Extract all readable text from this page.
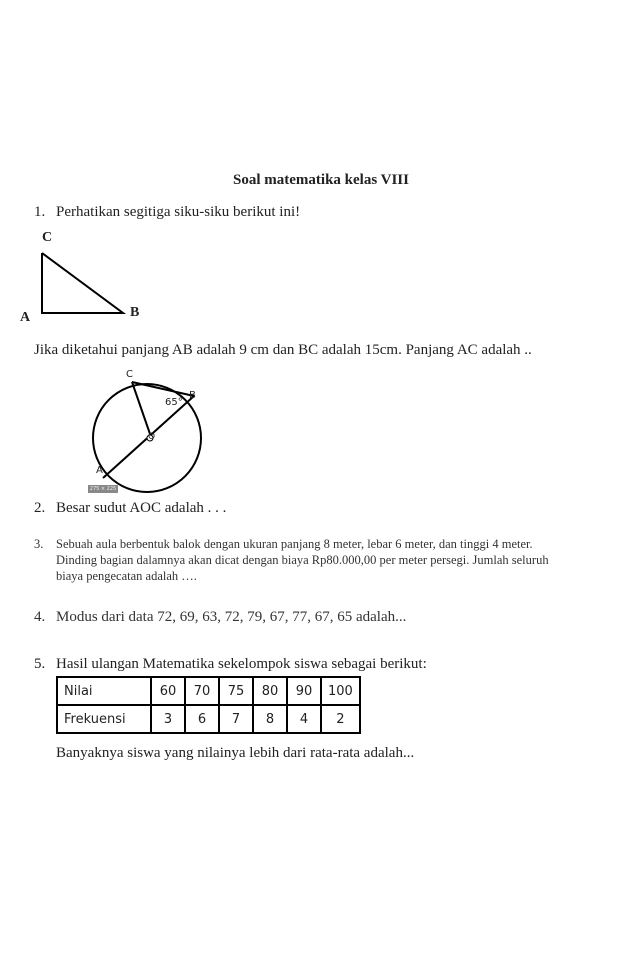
Soal matematika kelas VIII
1. Perhatikan segitiga siku-siku berikut ini!
C
A	B
Jika diketahui panjang AB adalah 9 cm dan BC adalah 15cm. Panjang AC adalah ..
C
B
A
O
65°
275 × 225
2. Besar sudut AOC adalah . . .
3. Sebuah aula berbentuk balok dengan ukuran panjang 8 meter, lebar 6 meter, dan tinggi 4 meter.
Dinding bagian dalamnya akan dicat dengan biaya Rp80.000,00 per meter persegi. Jumlah seluruh
biaya pengecatan adalah ….
4. Modus dari data 72, 69, 63, 72, 79, 67, 77, 67, 65 adalah...
5. Hasil ulangan Matematika sekelompok siswa sebagai berikut:
Nilai	60	70	75	80	90	100
Frekuensi	3	6	7	8	4	2
Banyaknya siswa yang nilainya lebih dari rata-rata adalah...
